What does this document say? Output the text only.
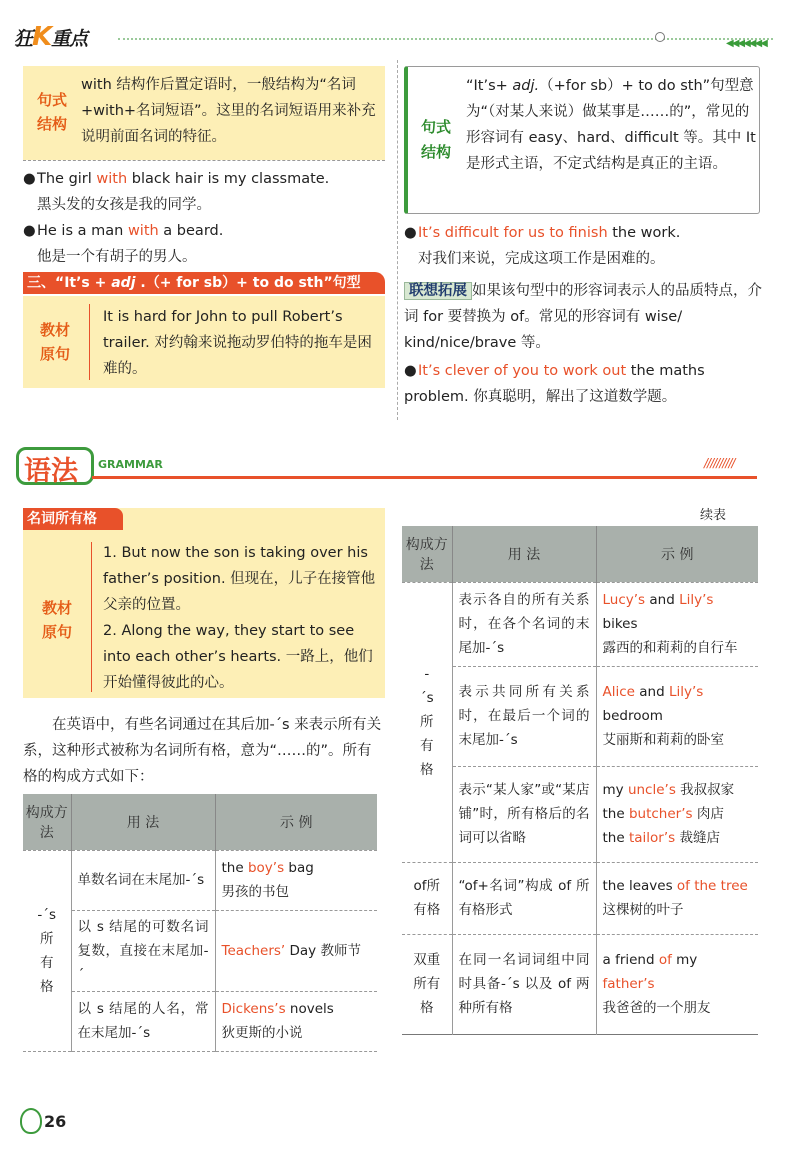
狂K重点	◀◀◀◀◀◀◀
句式
结构
with 结构作后置定语时，一般结构为“名词+with+名词短语”。这里的名词短语用来补充说明前面名词的特征。
●The girl with black hair is my classmate.
黑头发的女孩是我的同学。
●He is a man with a beard.
他是一个有胡子的男人。
三、“It’s + adj .（+ for sb）+ to do sth”句型
教材
原句
It is hard for John to pull Robert’s trailer. 对约翰来说拖动罗伯特的拖车是困难的。
句式
结构
“It’s+ adj.（+for sb）+ to do sth”句型意为“（对某人来说）做某事是……的”，常见的形容词有 easy、hard、difficult 等。其中 It 是形式主语，不定式结构是真正的主语。
●It’s difficult for us to finish the work.
对我们来说，完成这项工作是困难的。
联想拓展 如果该句型中的形容词表示人的品质特点，介词 for 要替换为 of。常见的形容词有 wise/ kind/nice/brave 等。
●It’s clever of you to work out the maths problem. 你真聪明，解出了这道数学题。
语法 GRAMMAR	//////////
名词所有格
教材
原句
1. But now the son is taking over his father’s position. 但现在，儿子在接管他父亲的位置。
2. Along the way, they start to see into each other’s hearts. 一路上，他们开始懂得彼此的心。
在英语中，有些名词通过在其后加-´s 来表示所有关系，这种形式被称为名词所有格，意为“……的”。所有格的构成方式如下：
构成方法	用 法	示 例
-´s所有格	单数名词在末尾加-´s	the boy’s bag
男孩的书包

	以 s 结尾的可数名词复数，直接在末尾加-´	Teachers’ Day 教师节
	以 s 结尾的人名，常在末尾加-´s	Dickens’s novels
狄更斯的小说
续表
构成方法	用 法	示 例
-´s所有格	表示各自的所有关系时，在各个名词的末尾加-´s	Lucy’s and Lily’s bikes
露西的和莉莉的自行车

	表示共同所有关系时，在最后一个词的末尾加-´s	Alice and Lily’s bedroom
艾丽斯和莉莉的卧室

	表示“某人家”或“某店铺”时，所有格后的名词可以省略	my uncle’s 我叔叔家
the butcher’s 肉店
the tailor’s 裁缝店

of所有格	“of+名词”构成 of 所有格形式	the leaves of the tree
这棵树的叶子

双重所有格	在同一名词词组中同时具备-´s 以及 of 两种所有格	a friend of my father’s
我爸爸的一个朋友
26
